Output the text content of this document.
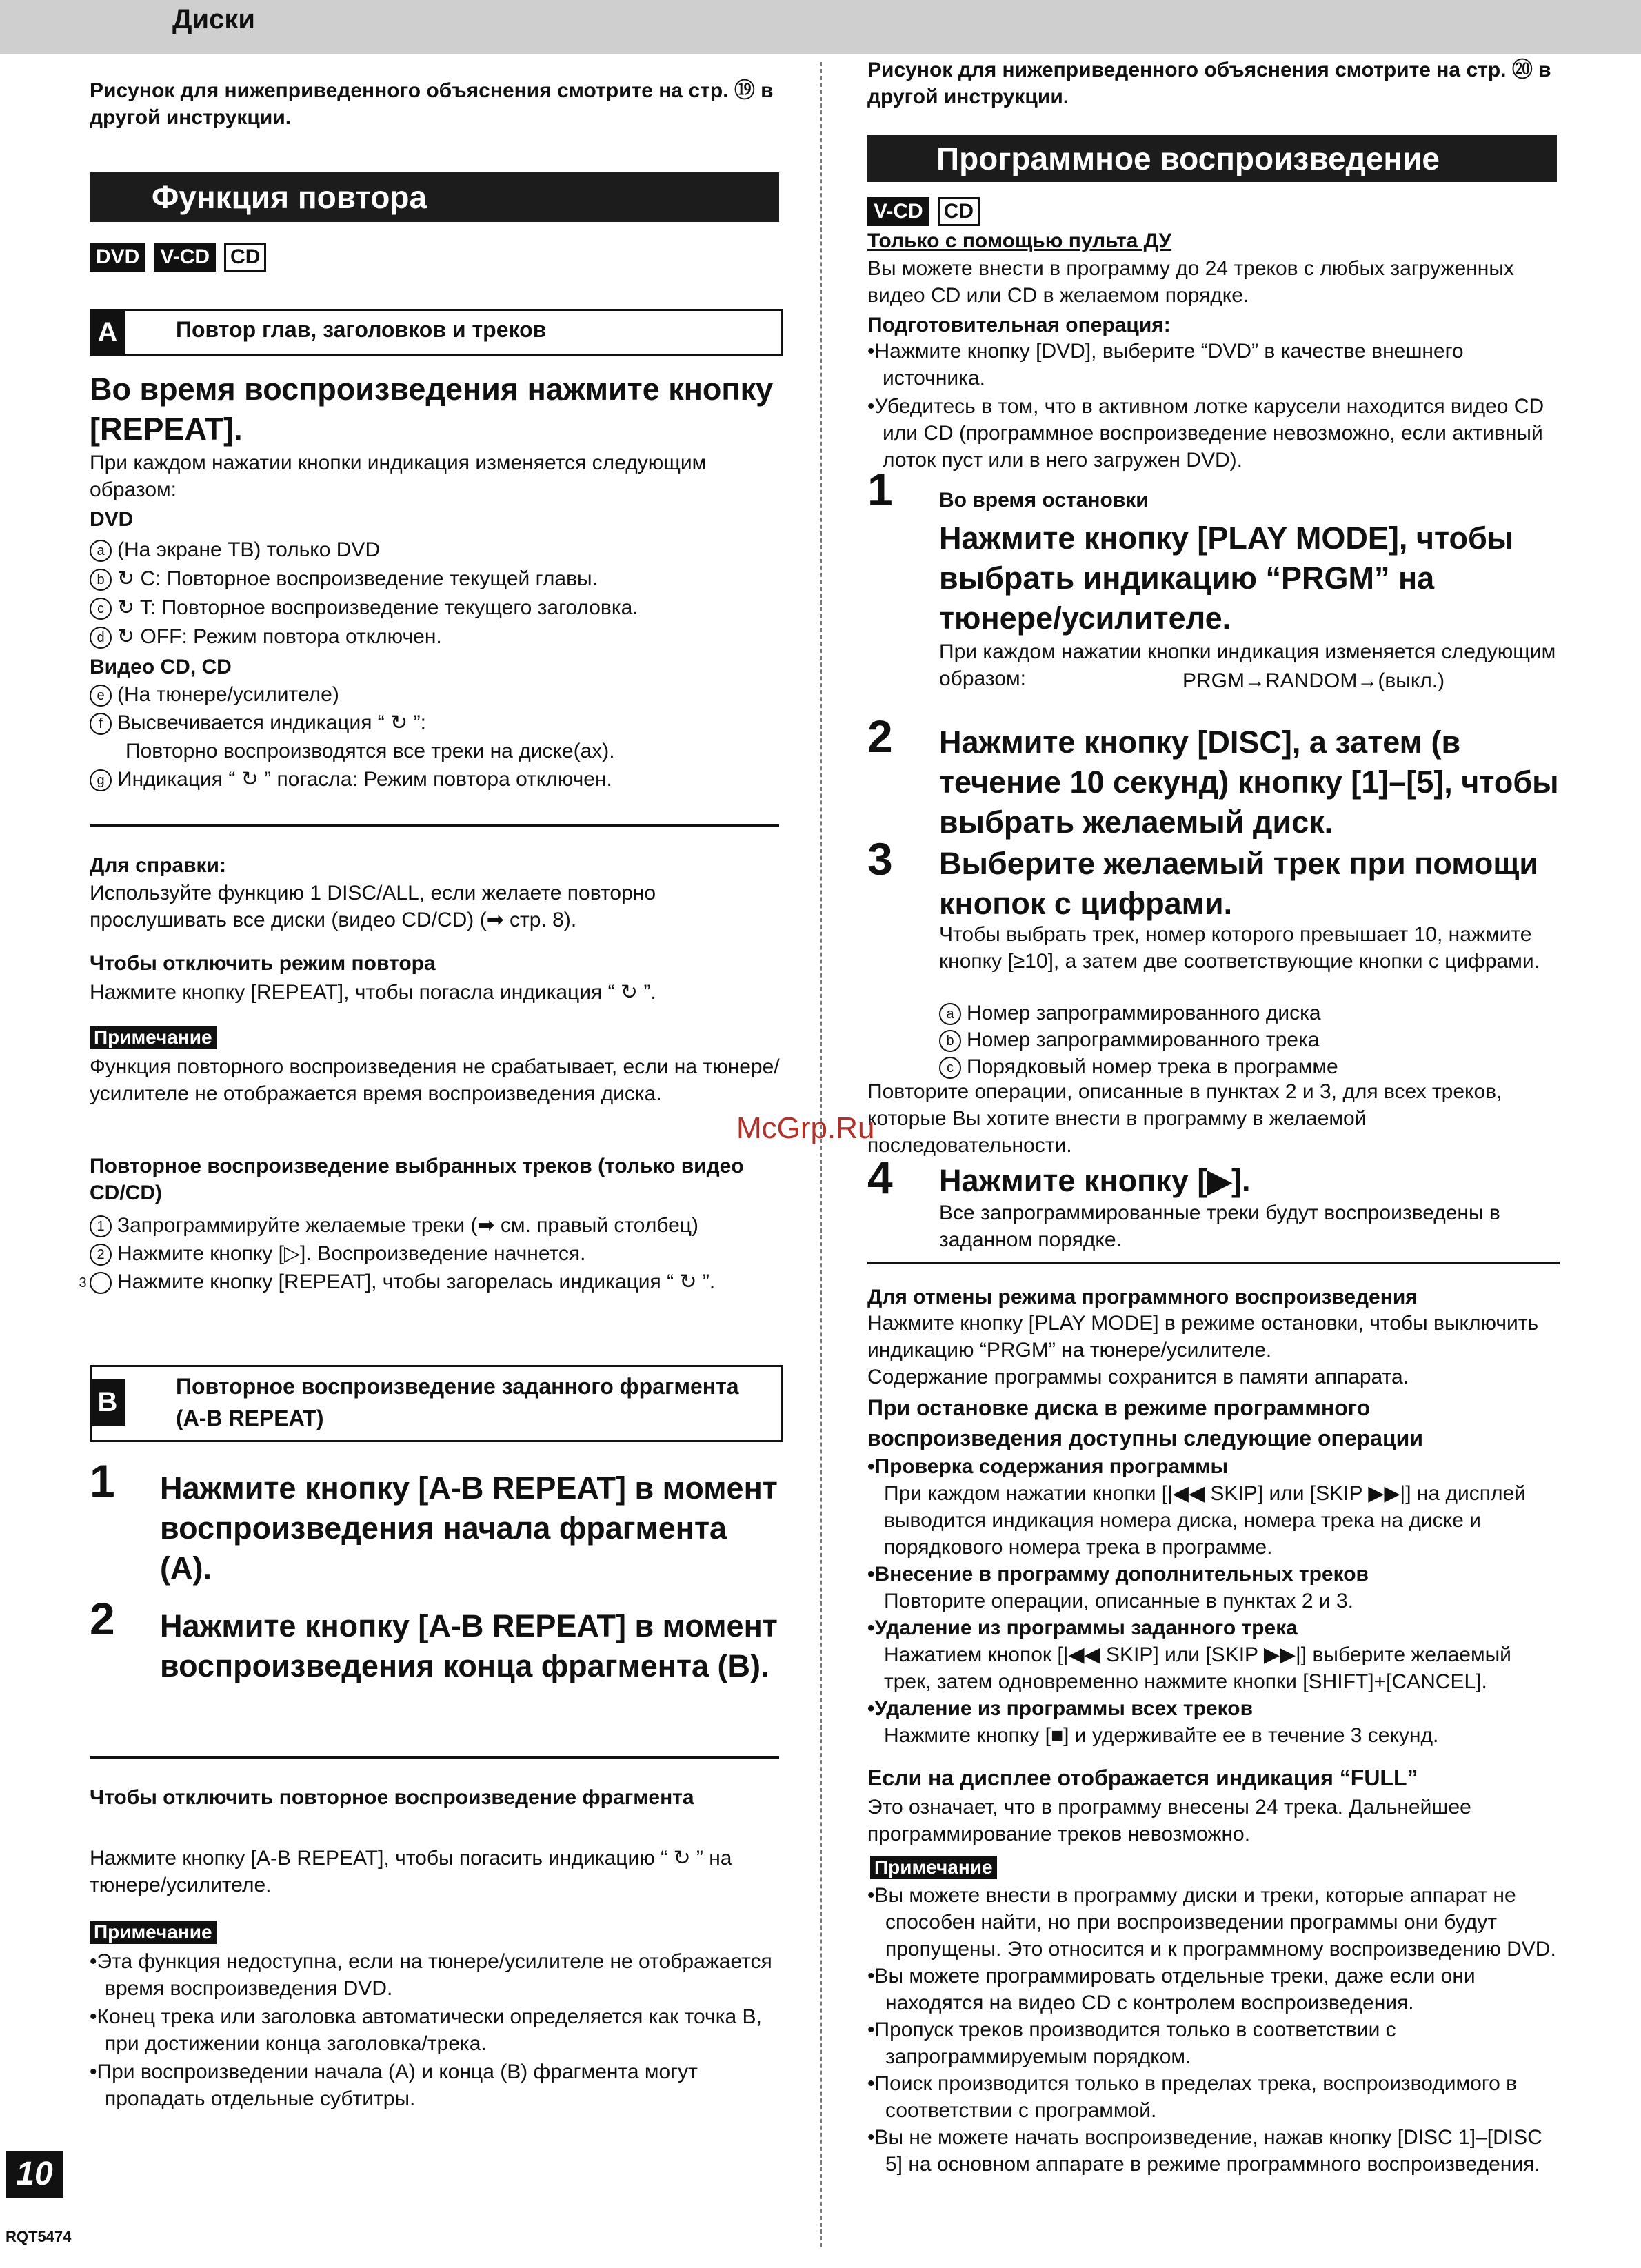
Диски
Рисунок для нижеприведенного объяснения смотрите на стр. ⑲ в другой инструкции.
Функция повтора
DVD V-CD CD
A	Повтор глав, заголовков и треков
Во время воспроизведения нажмите кнопку [REPEAT].
При каждом нажатии кнопки индикация изменяется следующим образом:
DVD
a (На экране ТВ) только DVD
b ↻ C: Повторное воспроизведение текущей главы.
c ↻ T: Повторное воспроизведение текущего заголовка.
d ↻ OFF: Режим повтора отключен.
Видео CD, CD
e (На тюнере/усилителе)
f Высвечивается индикация “ ↻ ”:
Повторно воспроизводятся все треки на диске(ах).
g Индикация “ ↻ ” погасла: Режим повтора отключен.
Для справки:
Используйте функцию 1 DISC/ALL, если желаете повторно прослушивать все диски (видео CD/CD) (➡ стр. 8).
Чтобы отключить режим повтора
Нажмите кнопку [REPEAT], чтобы погасла индикация “ ↻ ”.
Примечание
Функция повторного воспроизведения не срабатывает, если на тюнере/усилителе не отображается время воспроизведения диска.
Повторное воспроизведение выбранных треков (только видео CD/CD)
1 Запрограммируйте желаемые треки (➡ см. правый столбец)
2 Нажмите кнопку [▷]. Воспроизведение начнется.
3 Нажмите кнопку [REPEAT], чтобы загорелась индикация “ ↻ ”.
B
Повторное воспроизведение заданного фрагмента (A-B REPEAT)
1 Нажмите кнопку [A-B REPEAT] в момент воспроизведения начала фрагмента (A).
2 Нажмите кнопку [A-B REPEAT] в момент воспроизведения конца фрагмента (B).
Чтобы отключить повторное воспроизведение фрагмента
Нажмите кнопку [A-B REPEAT], чтобы погасить индикацию “ ↻ ” на тюнере/усилителе.
Примечание
•Эта функция недоступна, если на тюнере/усилителе не отображается время воспроизведения DVD.
•Конец трека или заголовка автоматически определяется как точка B, при достижении конца заголовка/трека.
•При воспроизведении начала (A) и конца (B) фрагмента могут пропадать отдельные субтитры.
Рисунок для нижеприведенного объяснения смотрите на стр. ⑳ в другой инструкции.
Программное воспроизведение
V-CD CD
Только с помощью пульта ДУ
Вы можете внести в программу до 24 треков с любых загруженных видео CD или CD в желаемом порядке.
Подготовительная операция:
•Нажмите кнопку [DVD], выберите “DVD” в качестве внешнего источника.
•Убедитесь в том, что в активном лотке карусели находится видео CD или CD (программное воспроизведение невозможно, если активный лоток пуст или в него загружен DVD).
1 Во время остановки
Нажмите кнопку [PLAY MODE], чтобы выбрать индикацию “PRGM” на тюнере/усилителе.
При каждом нажатии кнопки индикация изменяется следующим образом:	PRGM→RANDOM→(выкл.)
2 Нажмите кнопку [DISC], а затем (в течение 10 секунд) кнопку [1]–[5], чтобы выбрать желаемый диск.
3 Выберите желаемый трек при помощи кнопок с цифрами.
Чтобы выбрать трек, номер которого превышает 10, нажмите кнопку [≥10], а затем две соответствующие кнопки с цифрами.
a Номер запрограммированного диска
b Номер запрограммированного трека
c Порядковый номер трека в программе
Повторите операции, описанные в пунктах 2 и 3, для всех треков, которые Вы хотите внести в программу в желаемой последовательности.
4 Нажмите кнопку [▶].
Все запрограммированные треки будут воспроизведены в заданном порядке.
Для отмены режима программного воспроизведения
Нажмите кнопку [PLAY MODE] в режиме остановки, чтобы выключить индикацию “PRGM” на тюнере/усилителе.
Содержание программы сохранится в памяти аппарата.
При остановке диска в режиме программного воспроизведения доступны следующие операции
•Проверка содержания программы
При каждом нажатии кнопки [|◀◀ SKIP] или [SKIP ▶▶|] на дисплей выводится индикация номера диска, номера трека на диске и порядкового номера трека в программе.
•Внесение в программу дополнительных треков
Повторите операции, описанные в пунктах 2 и 3.
•Удаление из программы заданного трека
Нажатием кнопок [|◀◀ SKIP] или [SKIP ▶▶|] выберите желаемый трек, затем одновременно нажмите кнопки [SHIFT]+[CANCEL].
•Удаление из программы всех треков
Нажмите кнопку [■] и удерживайте ее в течение 3 секунд.
Если на дисплее отображается индикация “FULL”
Это означает, что в программу внесены 24 трека. Дальнейшее программирование треков невозможно.
Примечание
•Вы можете внести в программу диски и треки, которые аппарат не способен найти, но при воспроизведении программы они будут пропущены. Это относится и к программному воспроизведению DVD.
•Вы можете программировать отдельные треки, даже если они находятся на видео CD с контролем воспроизведения.
•Пропуск треков производится только в соответствии с запрограммируемым порядком.
•Поиск производится только в пределах трека, воспроизводимого в соответствии с программой.
•Вы не можете начать воспроизведение, нажав кнопку [DISC 1]–[DISC 5] на основном аппарате в режиме программного воспроизведения.
McGrp.Ru
10
RQT5474
